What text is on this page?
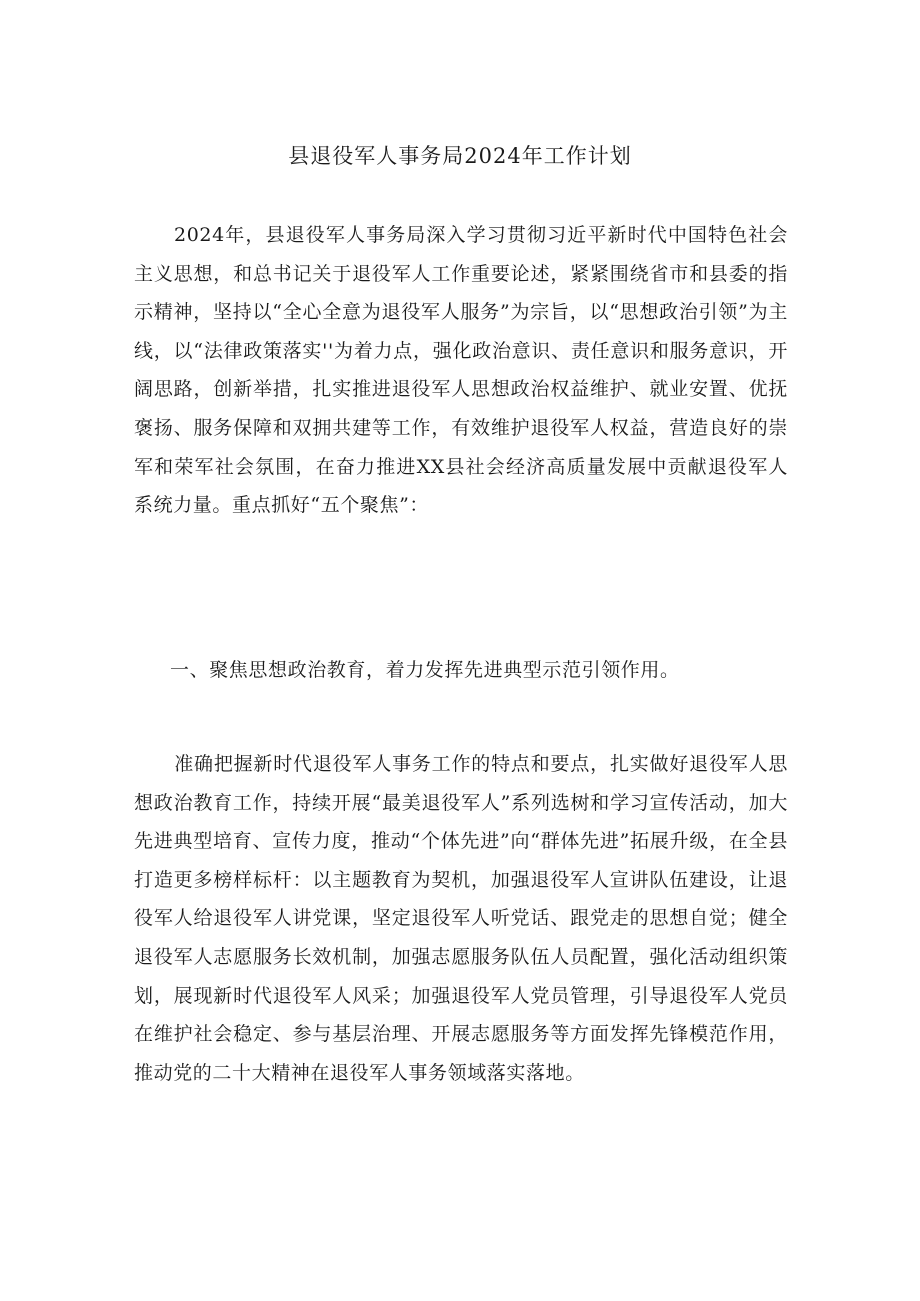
县退役军人事务局2024年工作计划

2024年，县退役军人事务局深入学习贯彻习近平新时代中国特色社会主义思想，和总书记关于退役军人工作重要论述，紧紧围绕省市和县委的指示精神，坚持以“全心全意为退役军人服务”为宗旨，以“思想政治引领”为主线，以“法律政策落实''为着力点，强化政治意识、责任意识和服务意识，开阔思路，创新举措，扎实推进退役军人思想政治权益维护、就业安置、优抚褒扬、服务保障和双拥共建等工作，有效维护退役军人权益，营造良好的崇军和荣军社会氛围，在奋力推进XX县社会经济高质量发展中贡献退役军人系统力量。重点抓好“五个聚焦”：

一、聚焦思想政治教育，着力发挥先进典型示范引领作用。

准确把握新时代退役军人事务工作的特点和要点，扎实做好退役军人思想政治教育工作，持续开展“最美退役军人”系列选树和学习宣传活动，加大先进典型培育、宣传力度，推动“个体先进”向“群体先进”拓展升级，在全县打造更多榜样标杆：以主题教育为契机，加强退役军人宣讲队伍建设，让退役军人给退役军人讲党课，坚定退役军人听党话、跟党走的思想自觉；健全退役军人志愿服务长效机制，加强志愿服务队伍人员配置，强化活动组织策划，展现新时代退役军人风采；加强退役军人党员管理，引导退役军人党员在维护社会稳定、参与基层治理、开展志愿服务等方面发挥先锋模范作用，推动党的二十大精神在退役军人事务领域落实落地。
